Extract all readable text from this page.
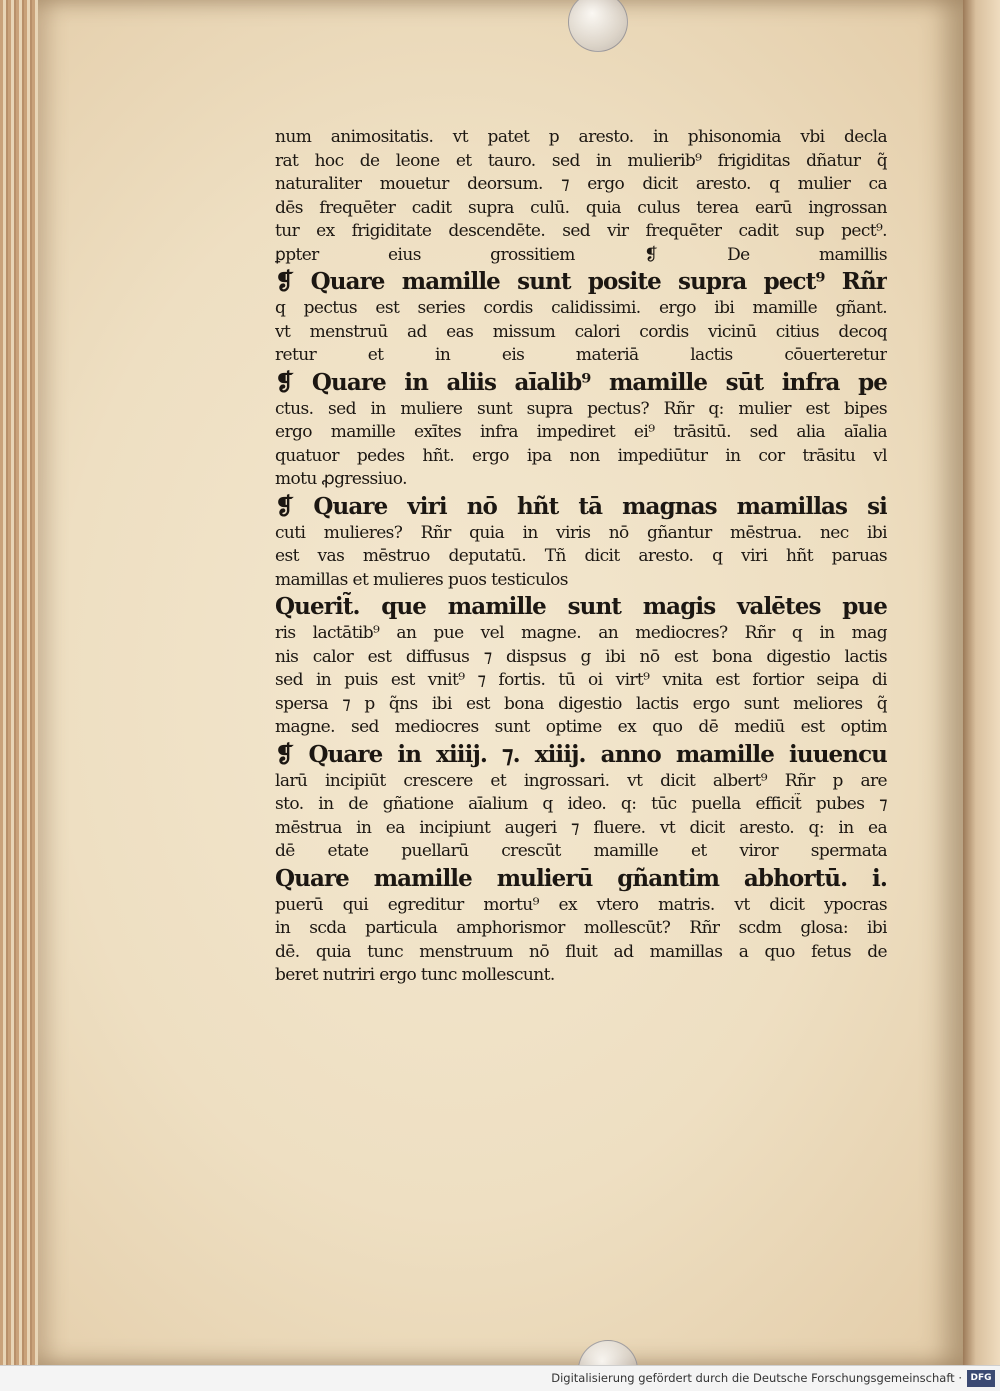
num animositatis. vt patet p aresto. in phisonomia vbi decla
rat hoc de leone et tauro. sed in mulierib⁹ frigiditas dñatur q̃
naturaliter mouetur deorsum. ⁊ ergo dicit aresto. q mulier ca
dēs frequēter cadit supra culū. quia culus terea earū ingrossan
tur ex frigiditate descendēte. sed vir frequēter cadit sup pect⁹.
ꝑpter eius grossitiem ❡ De mamillis
❡ Quare mamille sunt posite supra pect⁹ Rñr
q pectus est series cordis calidissimi. ergo ibi mamille gñant.
vt menstruū ad eas missum calori cordis vicinū citius decoq
retur et in eis materiā lactis cōuerteretur
❡ Quare in aliis aīalib⁹ mamille sūt infra pe
ctus. sed in muliere sunt supra pectus? Rñr q: mulier est bipes
ergo mamille exītes infra impediret ei⁹ trāsitū. sed alia aīalia
quatuor pedes hñt. ergo ipa non impediūtur in cor trāsitu vl
motu ꝓgressiuo.
❡ Quare viri nō hñt tā magnas mamillas si
cuti mulieres? Rñr quia in viris nō gñantur mēstrua. nec ibi
est vas mēstruo deputatū. Tñ dicit aresto. q viri hñt paruas
mamillas et mulieres puos testiculos
Querit̃. que mamille sunt magis valētes pue
ris lactātib⁹ an pue vel magne. an mediocres? Rñr q in mag
nis calor est diffusus ⁊ dispsus g ibi nō est bona digestio lactis
sed in puis est vnit⁹ ⁊ fortis. tū oi virt⁹ vnita est fortior seipa di
spersa ⁊ p q̃ns ibi est bona digestio lactis ergo sunt meliores q̃
magne. sed mediocres sunt optime ex quo dē mediū est optim
❡ Quare in xiiij. ⁊. xiiij. anno mamille iuuencu
larū incipiūt crescere et ingrossari. vt dicit albert⁹ Rñr p are
sto. in de gñatione aīalium q ideo. q: tūc puella efficit̃ pubes ⁊
mēstrua in ea incipiunt augeri ⁊ fluere. vt dicit aresto. q: in ea
dē etate puellarū crescūt mamille et viror spermata
Quare mamille mulierū gñantim abhortū. i.
puerū qui egreditur mortu⁹ ex vtero matris. vt dicit ypocras
in scda particula amphorismor mollescūt? Rñr scdm glosa: ibi
dē. quia tunc menstruum nō fluit ad mamillas a quo fetus de
beret nutriri ergo tunc mollescunt.
Digitalisierung gefördert durch die Deutsche Forschungsgemeinschaft · DFG
